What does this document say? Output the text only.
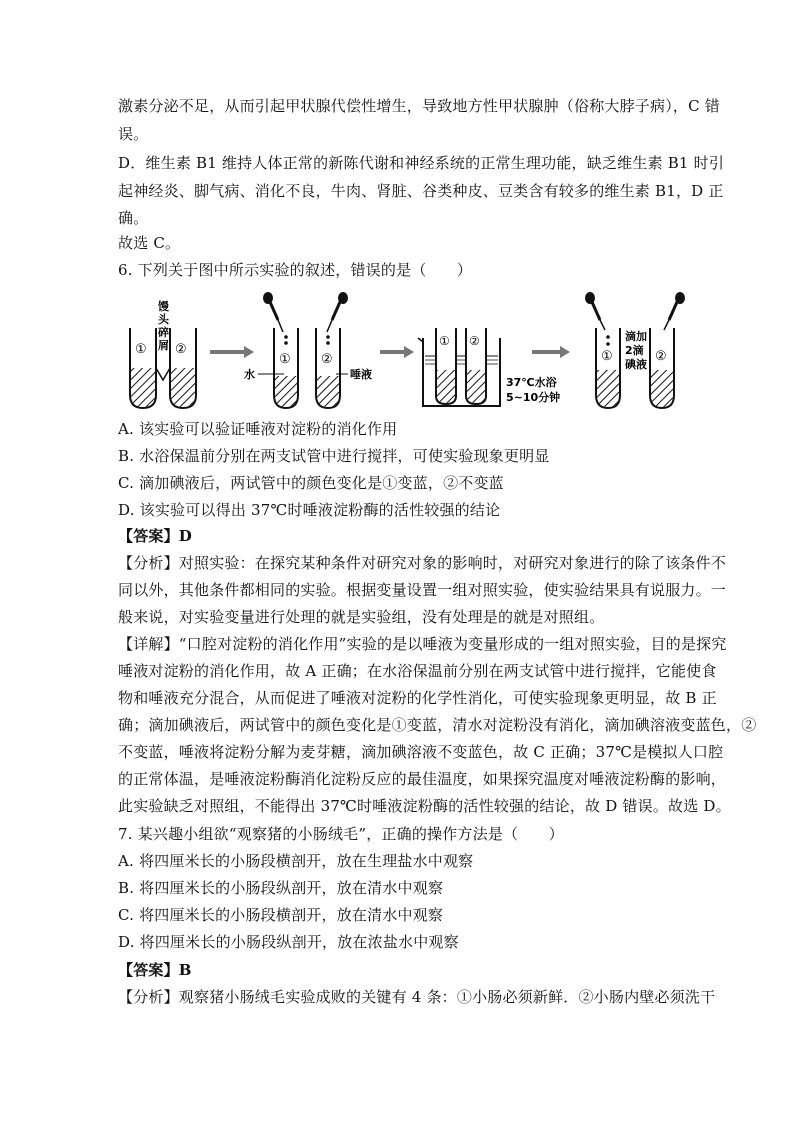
激素分泌不足，从而引起甲状腺代偿性增生，导致地方性甲状腺肿（俗称大脖子病），C 错
误。
D．维生素 B1 维持人体正常的新陈代谢和神经系统的正常生理功能，缺乏维生素 B1 时引
起神经炎、脚气病、消化不良，牛肉、肾脏、谷类种皮、豆类含有较多的维生素 B1，D 正
确。
故选 C。
6. 下列关于图中所示实验的叙述，错误的是（　　）
① ②
馒头碎屑
① ②
水	唾液
① ②
37℃水浴
5~10分钟
①	②
滴加
2滴
碘液
A. 该实验可以验证唾液对淀粉的消化作用
B. 水浴保温前分别在两支试管中进行搅拌，可使实验现象更明显
C. 滴加碘液后，两试管中的颜色变化是①变蓝，②不变蓝
D. 该实验可以得出 37℃时唾液淀粉酶的活性较强的结论
【答案】D
【分析】对照实验：在探究某种条件对研究对象的影响时，对研究对象进行的除了该条件不
同以外，其他条件都相同的实验。根据变量设置一组对照实验，使实验结果具有说服力。一
般来说，对实验变量进行处理的就是实验组，没有处理是的就是对照组。
【详解】“口腔对淀粉的消化作用”实验的是以唾液为变量形成的一组对照实验，目的是探究
唾液对淀粉的消化作用，故 A 正确；在水浴保温前分别在两支试管中进行搅拌，它能使食
物和唾液充分混合，从而促进了唾液对淀粉的化学性消化，可使实验现象更明显，故 B 正
确；滴加碘液后，两试管中的颜色变化是①变蓝，清水对淀粉没有消化，滴加碘溶液变蓝色，②
不变蓝，唾液将淀粉分解为麦芽糖，滴加碘溶液不变蓝色，故 C 正确；37℃是模拟人口腔
的正常体温，是唾液淀粉酶消化淀粉反应的最佳温度，如果探究温度对唾液淀粉酶的影响，
此实验缺乏对照组，不能得出 37℃时唾液淀粉酶的活性较强的结论，故 D 错误。故选 D。
7. 某兴趣小组欲“观察猪的小肠绒毛”，正确的操作方法是（　　）
A. 将四厘米长的小肠段横剖开，放在生理盐水中观察
B. 将四厘米长的小肠段纵剖开，放在清水中观察
C. 将四厘米长的小肠段横剖开，放在清水中观察
D. 将四厘米长的小肠段纵剖开，放在浓盐水中观察
【答案】B
【分析】观察猪小肠绒毛实验成败的关键有 4 条：①小肠必须新鲜．②小肠内壁必须洗干
